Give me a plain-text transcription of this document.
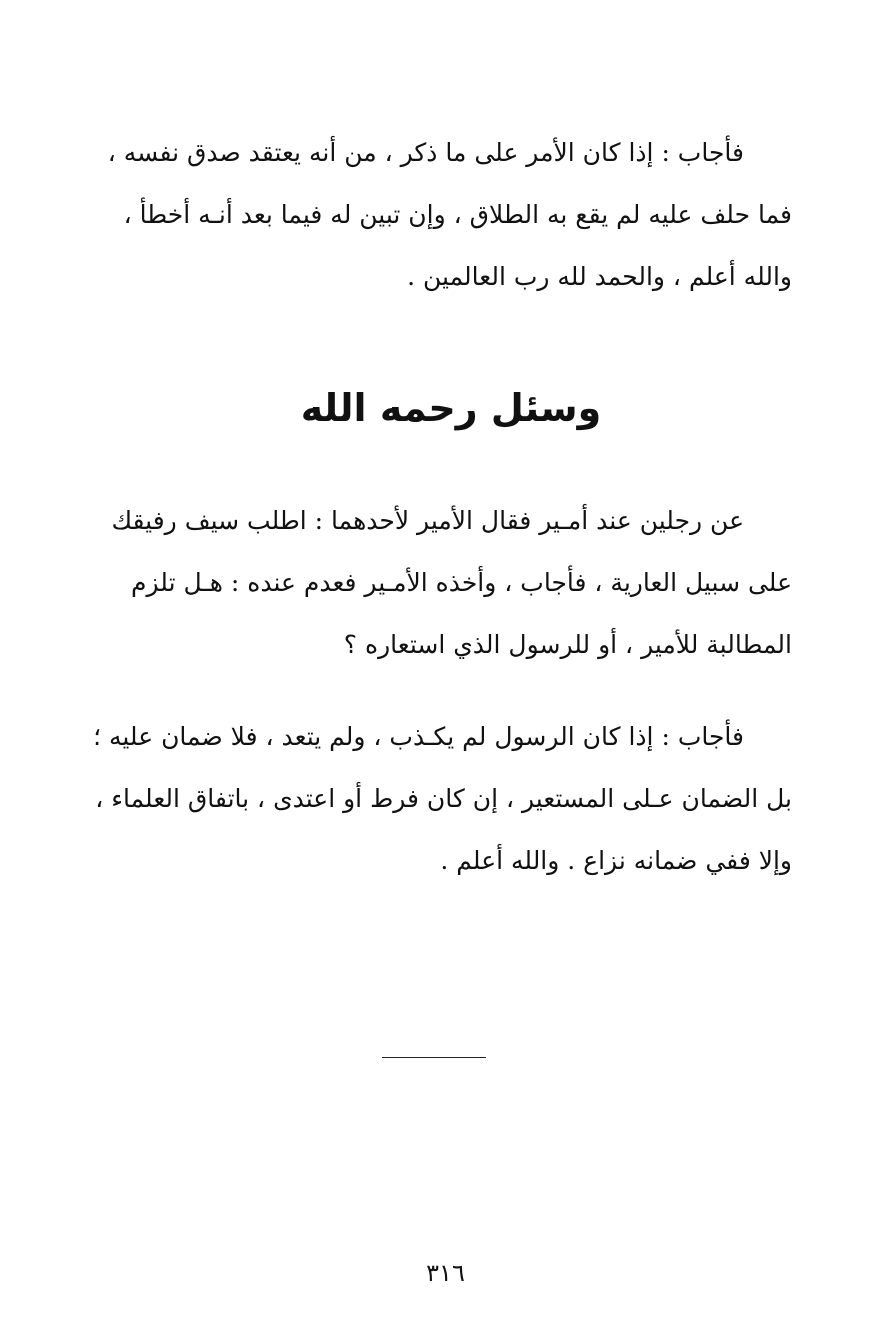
فأجاب : إذا كان الأمر على ما ذكر ، من أنه يعتقد صدق نفسه ،
فما حلف عليه لم يقع به الطلاق ، وإن تبين له فيما بعد أنـه أخطأ ،
والله أعلم ، والحمد لله رب العالمين .
وسئل رحمه الله
عن رجلين عند أمـير فقال الأمير لأحدهما : اطلب سيف رفيقك
على سبيل العارية ، فأجاب ، وأخذه الأمـير فعدم عنده : هـل تلزم
المطالبة للأمير ، أو للرسول الذي استعاره ؟
فأجاب : إذا كان الرسول لم يكـذب ، ولم يتعد ، فلا ضمان عليه ؛
بل الضمان عـلى المستعير ، إن كان فرط أو اعتدى ، باتفاق العلماء ،
وإلا ففي ضمانه نزاع . والله أعلم .
٣١٦
